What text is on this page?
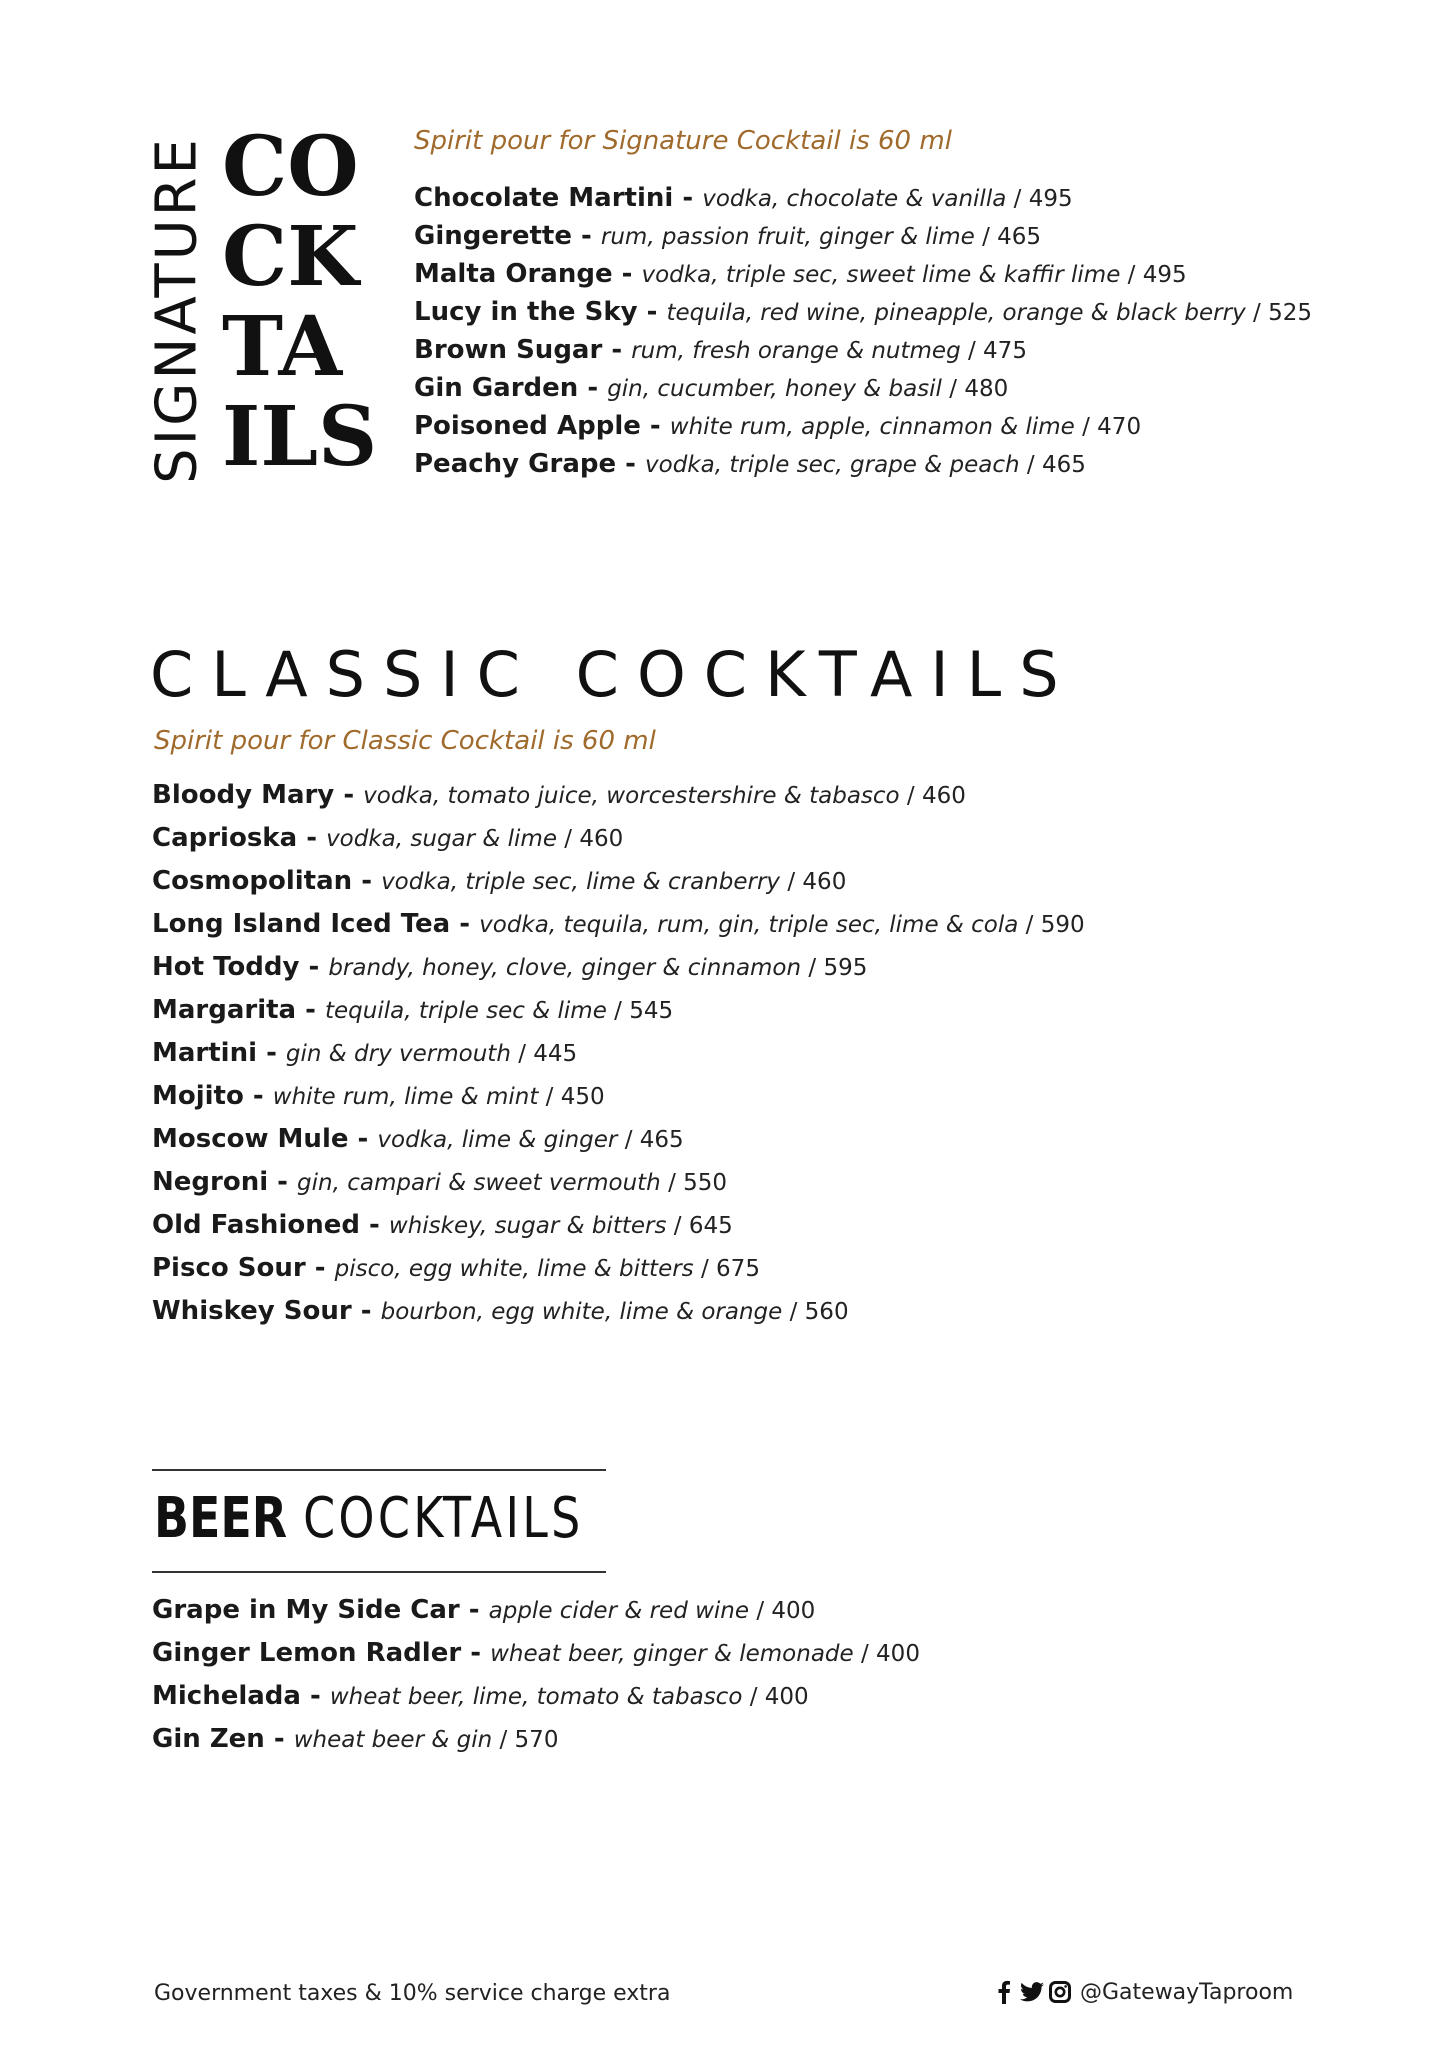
SIGNATURE CO
CK
TA
ILS

Spirit pour for Signature Cocktail is 60 ml

Chocolate Martini - vodka, chocolate & vanilla / 495
Gingerette - rum, passion fruit, ginger & lime / 465
Malta Orange - vodka, triple sec, sweet lime & kaffir lime / 495
Lucy in the Sky - tequila, red wine, pineapple, orange & black berry / 525
Brown Sugar - rum, fresh orange & nutmeg / 475
Gin Garden - gin, cucumber, honey & basil / 480
Poisoned Apple - white rum, apple, cinnamon & lime / 470
Peachy Grape - vodka, triple sec, grape & peach / 465
CLASSIC COCKTAILS

Spirit pour for Classic Cocktail is 60 ml

Bloody Mary - vodka, tomato juice, worcestershire & tabasco / 460
Caprioska - vodka, sugar & lime / 460
Cosmopolitan - vodka, triple sec, lime & cranberry / 460
Long Island Iced Tea - vodka, tequila, rum, gin, triple sec, lime & cola / 590
Hot Toddy - brandy, honey, clove, ginger & cinnamon / 595
Margarita - tequila, triple sec & lime / 545
Martini - gin & dry vermouth / 445
Mojito - white rum, lime & mint / 450
Moscow Mule - vodka, lime & ginger / 465
Negroni - gin, campari & sweet vermouth / 550
Old Fashioned - whiskey, sugar & bitters / 645
Pisco Sour - pisco, egg white, lime & bitters / 675
Whiskey Sour - bourbon, egg white, lime & orange / 560
BEER COCKTAILS
Grape in My Side Car - apple cider & red wine / 400
Ginger Lemon Radler - wheat beer, ginger & lemonade / 400
Michelada - wheat beer, lime, tomato & tabasco / 400
Gin Zen - wheat beer & gin / 570
Government taxes & 10% service charge extra	@GatewayTaproom
